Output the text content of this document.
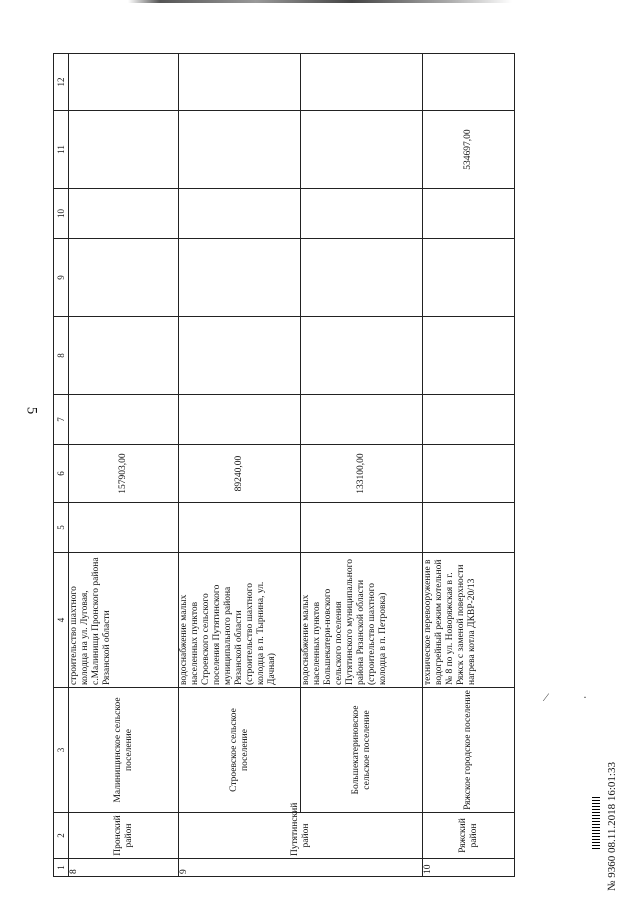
5
1	2	3	4	5	6	7	8	9	10	11	12
8	Пронский район	Малинищинское сельское поселение	строительство шахтного колодца на ул. Луговая, с.Малинищи Пронского района Рязанской области		157903,00						
9	Путятинский район	Строевское сельское поселение	водоснабжение малых населенных пунктов Строевского сельского поселения Путятинского муниципального района Рязанской области (строительство шахтного колодца в п. Тырнина, ул. Дачная)		89240,00						
		Большекатериновское сельское поселение	водоснабжение малых населенных пунктов Большекатери-новского сельского поселения Путятинского муниципального района Рязанской области (строительство шахтного колодца в п. Петровка)		133100,00						
10	Ряжский район	Ряжское городское поселение	техническое перевооружение в водогрейный режим котельной № 8 по ул. Новоряжская в г. Ряжск с заменой поверхности нагрева котла ДКВР-20/13							534697,00	
№ 9360 08.11.2018 16:01:33
⁄	·
